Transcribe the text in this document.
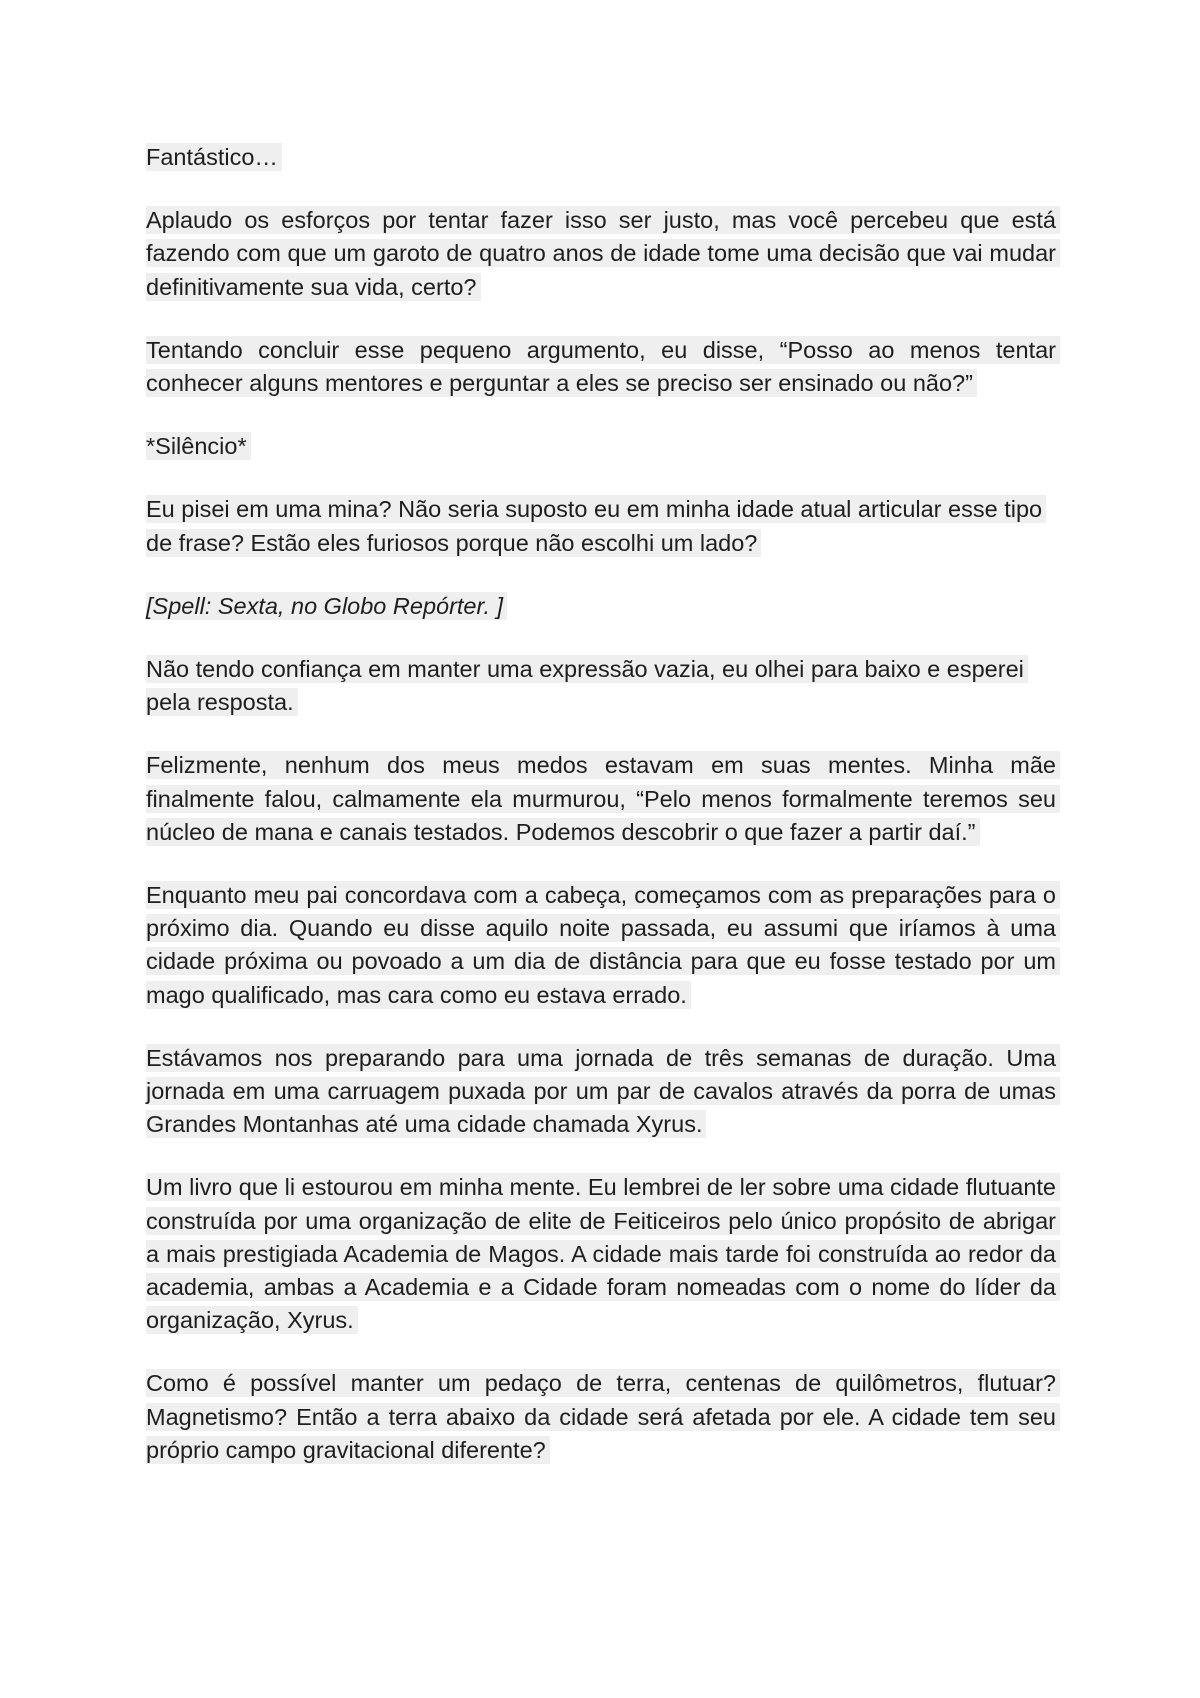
Fantástico…

Aplaudo os esforços por tentar fazer isso ser justo, mas você percebeu que está fazendo com que um garoto de quatro anos de idade tome uma decisão que vai mudar definitivamente sua vida, certo?

Tentando concluir esse pequeno argumento, eu disse, “Posso ao menos tentar conhecer alguns mentores e perguntar a eles se preciso ser ensinado ou não?”

*Silêncio*

Eu pisei em uma mina? Não seria suposto eu em minha idade atual articular esse tipo de frase? Estão eles furiosos porque não escolhi um lado?

[Spell: Sexta, no Globo Repórter. ]

Não tendo confiança em manter uma expressão vazia, eu olhei para baixo e esperei pela resposta.

Felizmente, nenhum dos meus medos estavam em suas mentes. Minha mãe finalmente falou, calmamente ela murmurou, “Pelo menos formalmente teremos seu núcleo de mana e canais testados. Podemos descobrir o que fazer a partir daí.”

Enquanto meu pai concordava com a cabeça, começamos com as preparações para o próximo dia. Quando eu disse aquilo noite passada, eu assumi que iríamos à uma cidade próxima ou povoado a um dia de distância para que eu fosse testado por um mago qualificado, mas cara como eu estava errado.

Estávamos nos preparando para uma jornada de três semanas de duração. Uma jornada em uma carruagem puxada por um par de cavalos através da porra de umas Grandes Montanhas até uma cidade chamada Xyrus.

Um livro que li estourou em minha mente. Eu lembrei de ler sobre uma cidade flutuante construída por uma organização de elite de Feiticeiros pelo único propósito de abrigar a mais prestigiada Academia de Magos. A cidade mais tarde foi construída ao redor da academia, ambas a Academia e a Cidade foram nomeadas com o nome do líder da organização, Xyrus.

Como é possível manter um pedaço de terra, centenas de quilômetros, flutuar? Magnetismo? Então a terra abaixo da cidade será afetada por ele. A cidade tem seu próprio campo gravitacional diferente?
